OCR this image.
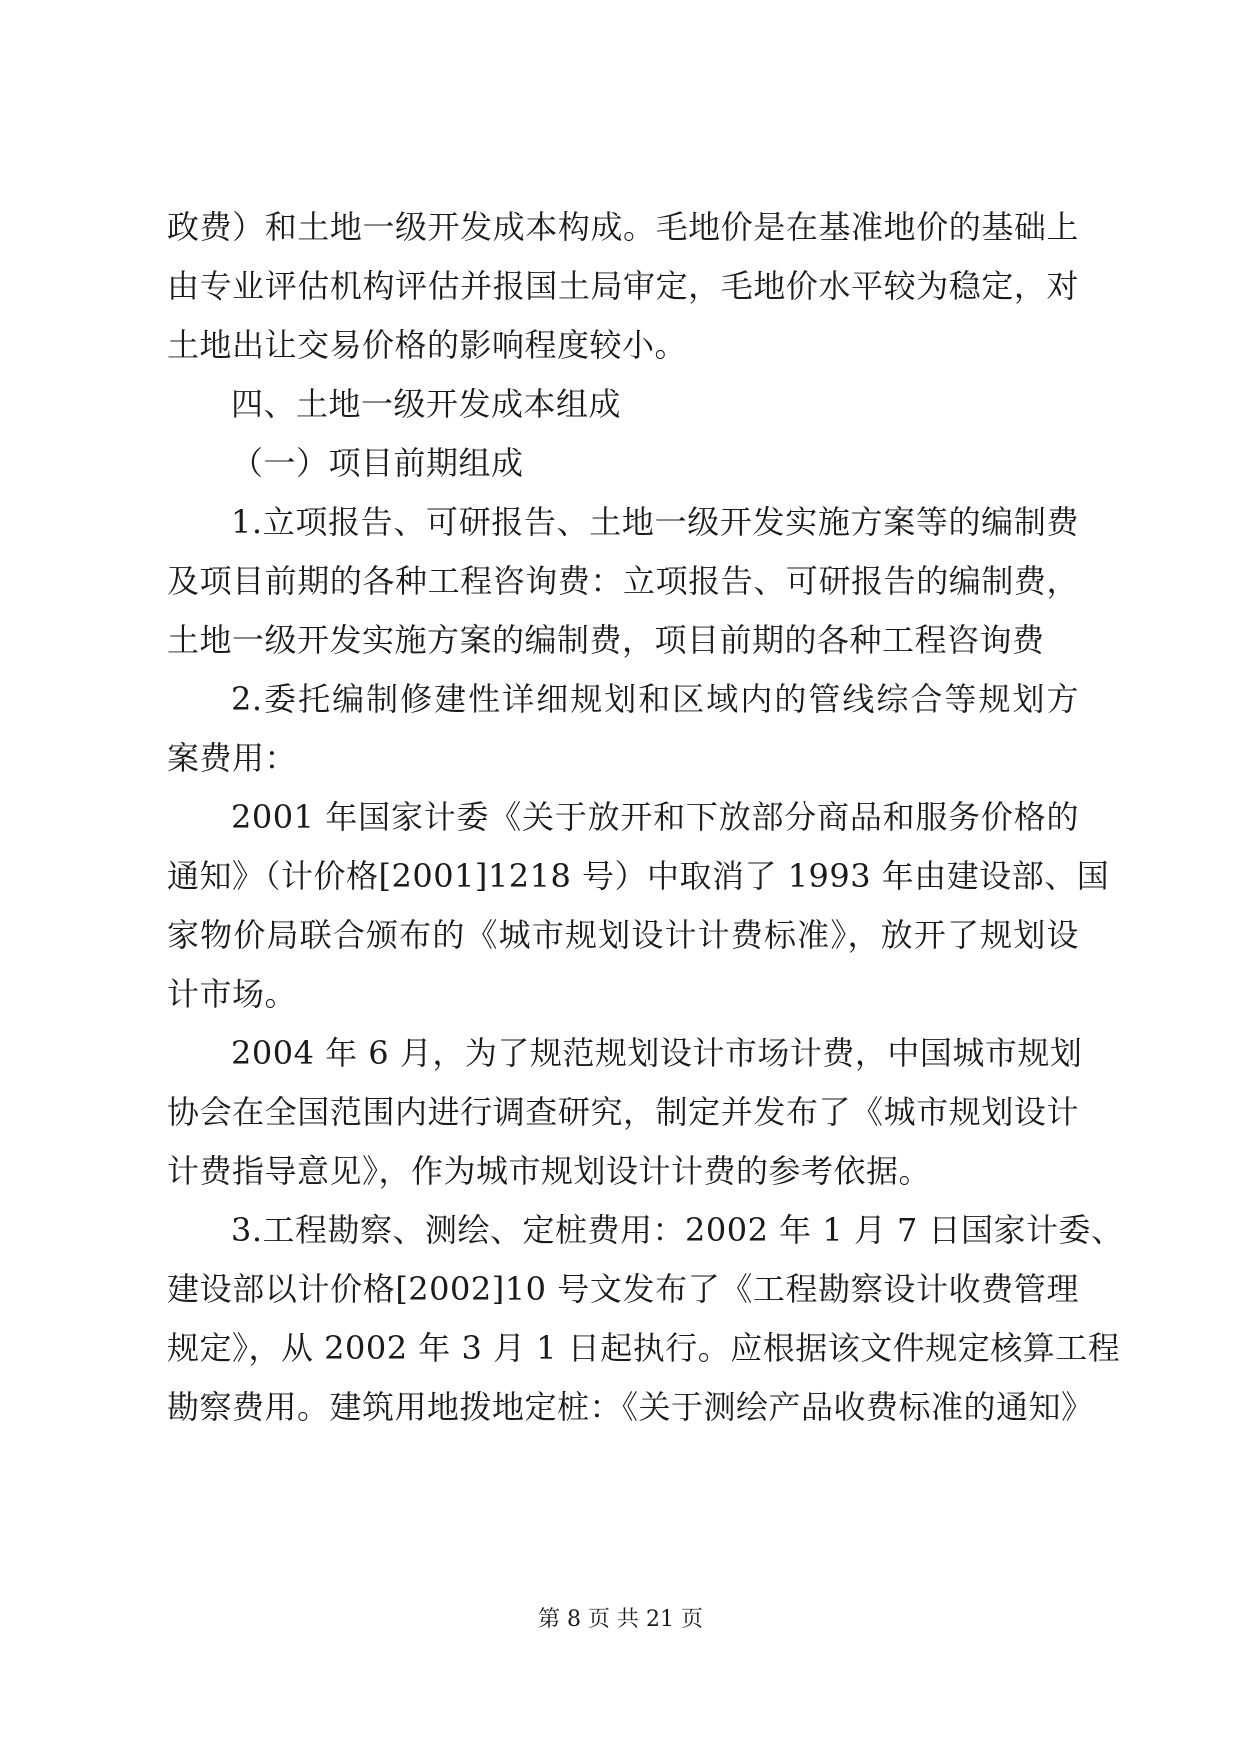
政费）和土地一级开发成本构成。毛地价是在基准地价的基础上

由专业评估机构评估并报国土局审定，毛地价水平较为稳定，对

土地出让交易价格的影响程度较小。

四、土地一级开发成本组成

（一）项目前期组成

1.立项报告、可研报告、土地一级开发实施方案等的编制费

及项目前期的各种工程咨询费：立项报告、可研报告的编制费，

土地一级开发实施方案的编制费，项目前期的各种工程咨询费

2.委托编制修建性详细规划和区域内的管线综合等规划方

案费用：

2001 年国家计委《关于放开和下放部分商品和服务价格的

通知》（计价格[2001]1218 号）中取消了 1993 年由建设部、国

家物价局联合颁布的《城市规划设计计费标准》，放开了规划设

计市场。

2004 年 6 月，为了规范规划设计市场计费，中国城市规划

协会在全国范围内进行调查研究，制定并发布了《城市规划设计

计费指导意见》，作为城市规划设计计费的参考依据。

3.工程勘察、测绘、定桩费用：2002 年 1 月 7 日国家计委、

建设部以计价格[2002]10 号文发布了《工程勘察设计收费管理

规定》，从 2002 年 3 月 1 日起执行。应根据该文件规定核算工程

勘察费用。建筑用地拨地定桩：《关于测绘产品收费标准的通知》

第 8 页 共 21 页
